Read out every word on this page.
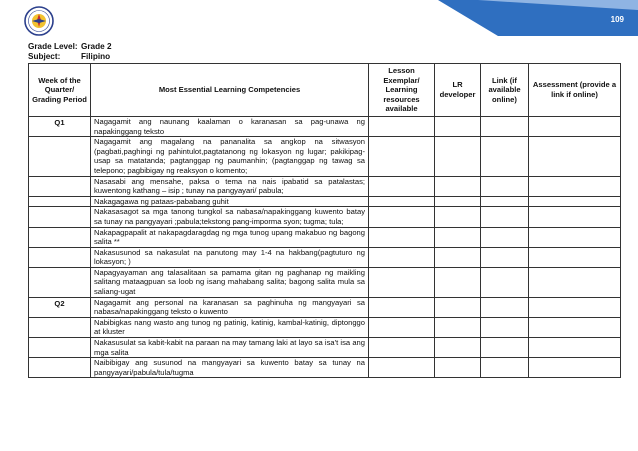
109
Grade Level: Grade 2
Subject:	Filipino
Week of the Quarter/ Grading Period	Most Essential Learning Competencies	Lesson Exemplar/ Learning resources available	LR developer	Link (if available online)	Assessment (provide a link if online)
Q1	Nagagamit ang naunang kaalaman o karanasan sa pag-unawa ng napakinggang teksto				
	Nagagamit ang magalang na pananalita sa angkop na sitwasyon (pagbati,paghingi ng pahintulot,pagtatanong ng lokasyon ng lugar; pakikipag-usap sa matatanda; pagtanggap ng paumanhin; (pagtanggap ng tawag sa telepono; pagbibigay ng reaksyon o komento;				
	Nasasabi ang mensahe, paksa o tema na nais ipabatid sa patalastas; kuwentong kathang – isip ; tunay na pangyayari/ pabula;				
	Nakagagawa ng pataas-pababang guhit				
	Nakasasagot sa mga tanong tungkol sa nabasa/napakinggang kuwento batay sa tunay na pangyayari ;pabula;tekstong pang-imporma syon; tugma; tula;				
	Nakapagpapalit at nakapagdaragdag ng mga tunog upang makabuo ng bagong salita **				
	Nakasusunod sa nakasulat na panutong may 1-4 na hakbang(pagtuturo ng lokasyon; )				
	Napagyayaman ang talasalitaan sa pamama gitan ng paghanap ng maikling salitang mataagpuan sa loob ng isang mahabang salita; bagong salita mula sa saliang-ugat				
Q2	Nagagamit ang personal na karanasan sa paghinuha ng mangyayari sa nabasa/napakinggang teksto o kuwento				
	Nabibigkas nang wasto ang tunog ng patinig, katinig, kambal-katinig, diptonggo at kluster				
	Nakasusulat sa kabit-kabit na paraan na may tamang laki at layo sa isa't isa ang mga salita				
	Naibibigay ang susunod na mangyayari sa kuwento batay sa tunay na pangyayari/pabula/tula/tugma				
